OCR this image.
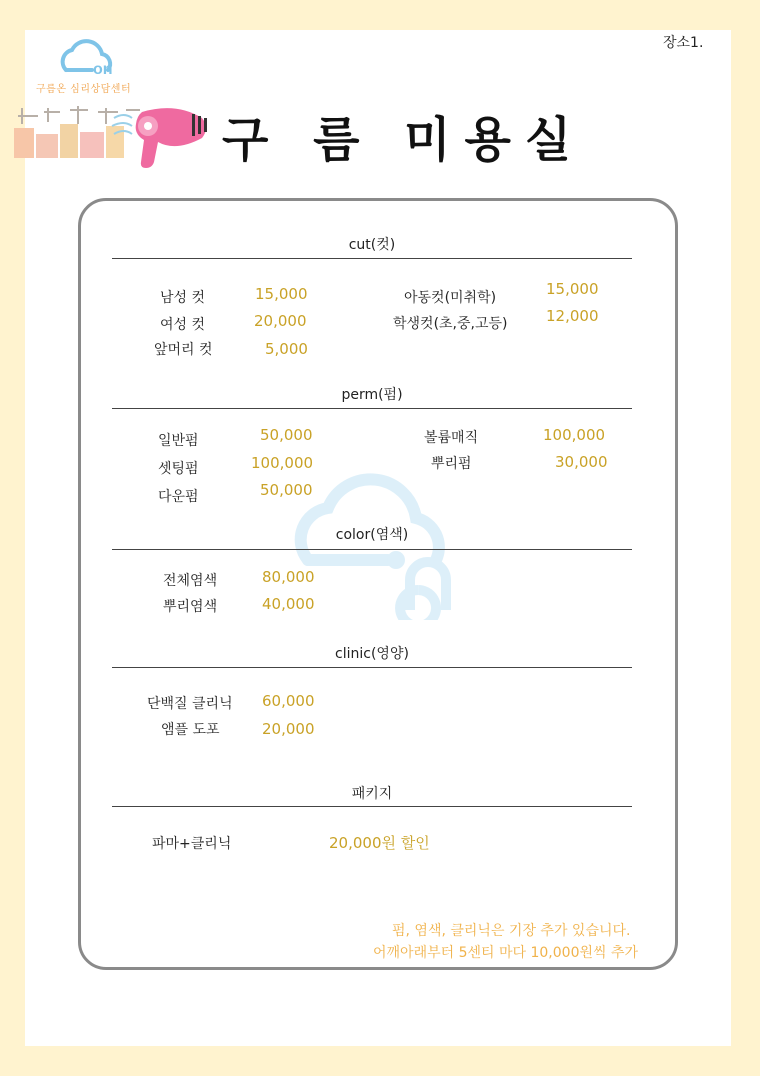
장소1.
on
구름온 심리상담센터
구 름 미용실
cut(컷)
남성 컷	15,000
여성 컷	20,000
앞머리 컷	5,000
아동컷(미취학)	15,000
학생컷(초,중,고등)	12,000
perm(펌)
일반펌	50,000
셋팅펌	100,000
다운펌	50,000
볼륨매직	100,000
뿌리펌	30,000
color(염색)
전체염색	80,000
뿌리염색	40,000
clinic(영양)
단백질 클리닉 60,000
앰플 도포	20,000
패키지
파마+클리닉	20,000원 할인
펌, 염색, 클리닉은 기장 추가 있습니다.
어깨아래부터 5센티 마다 10,000원씩 추가
